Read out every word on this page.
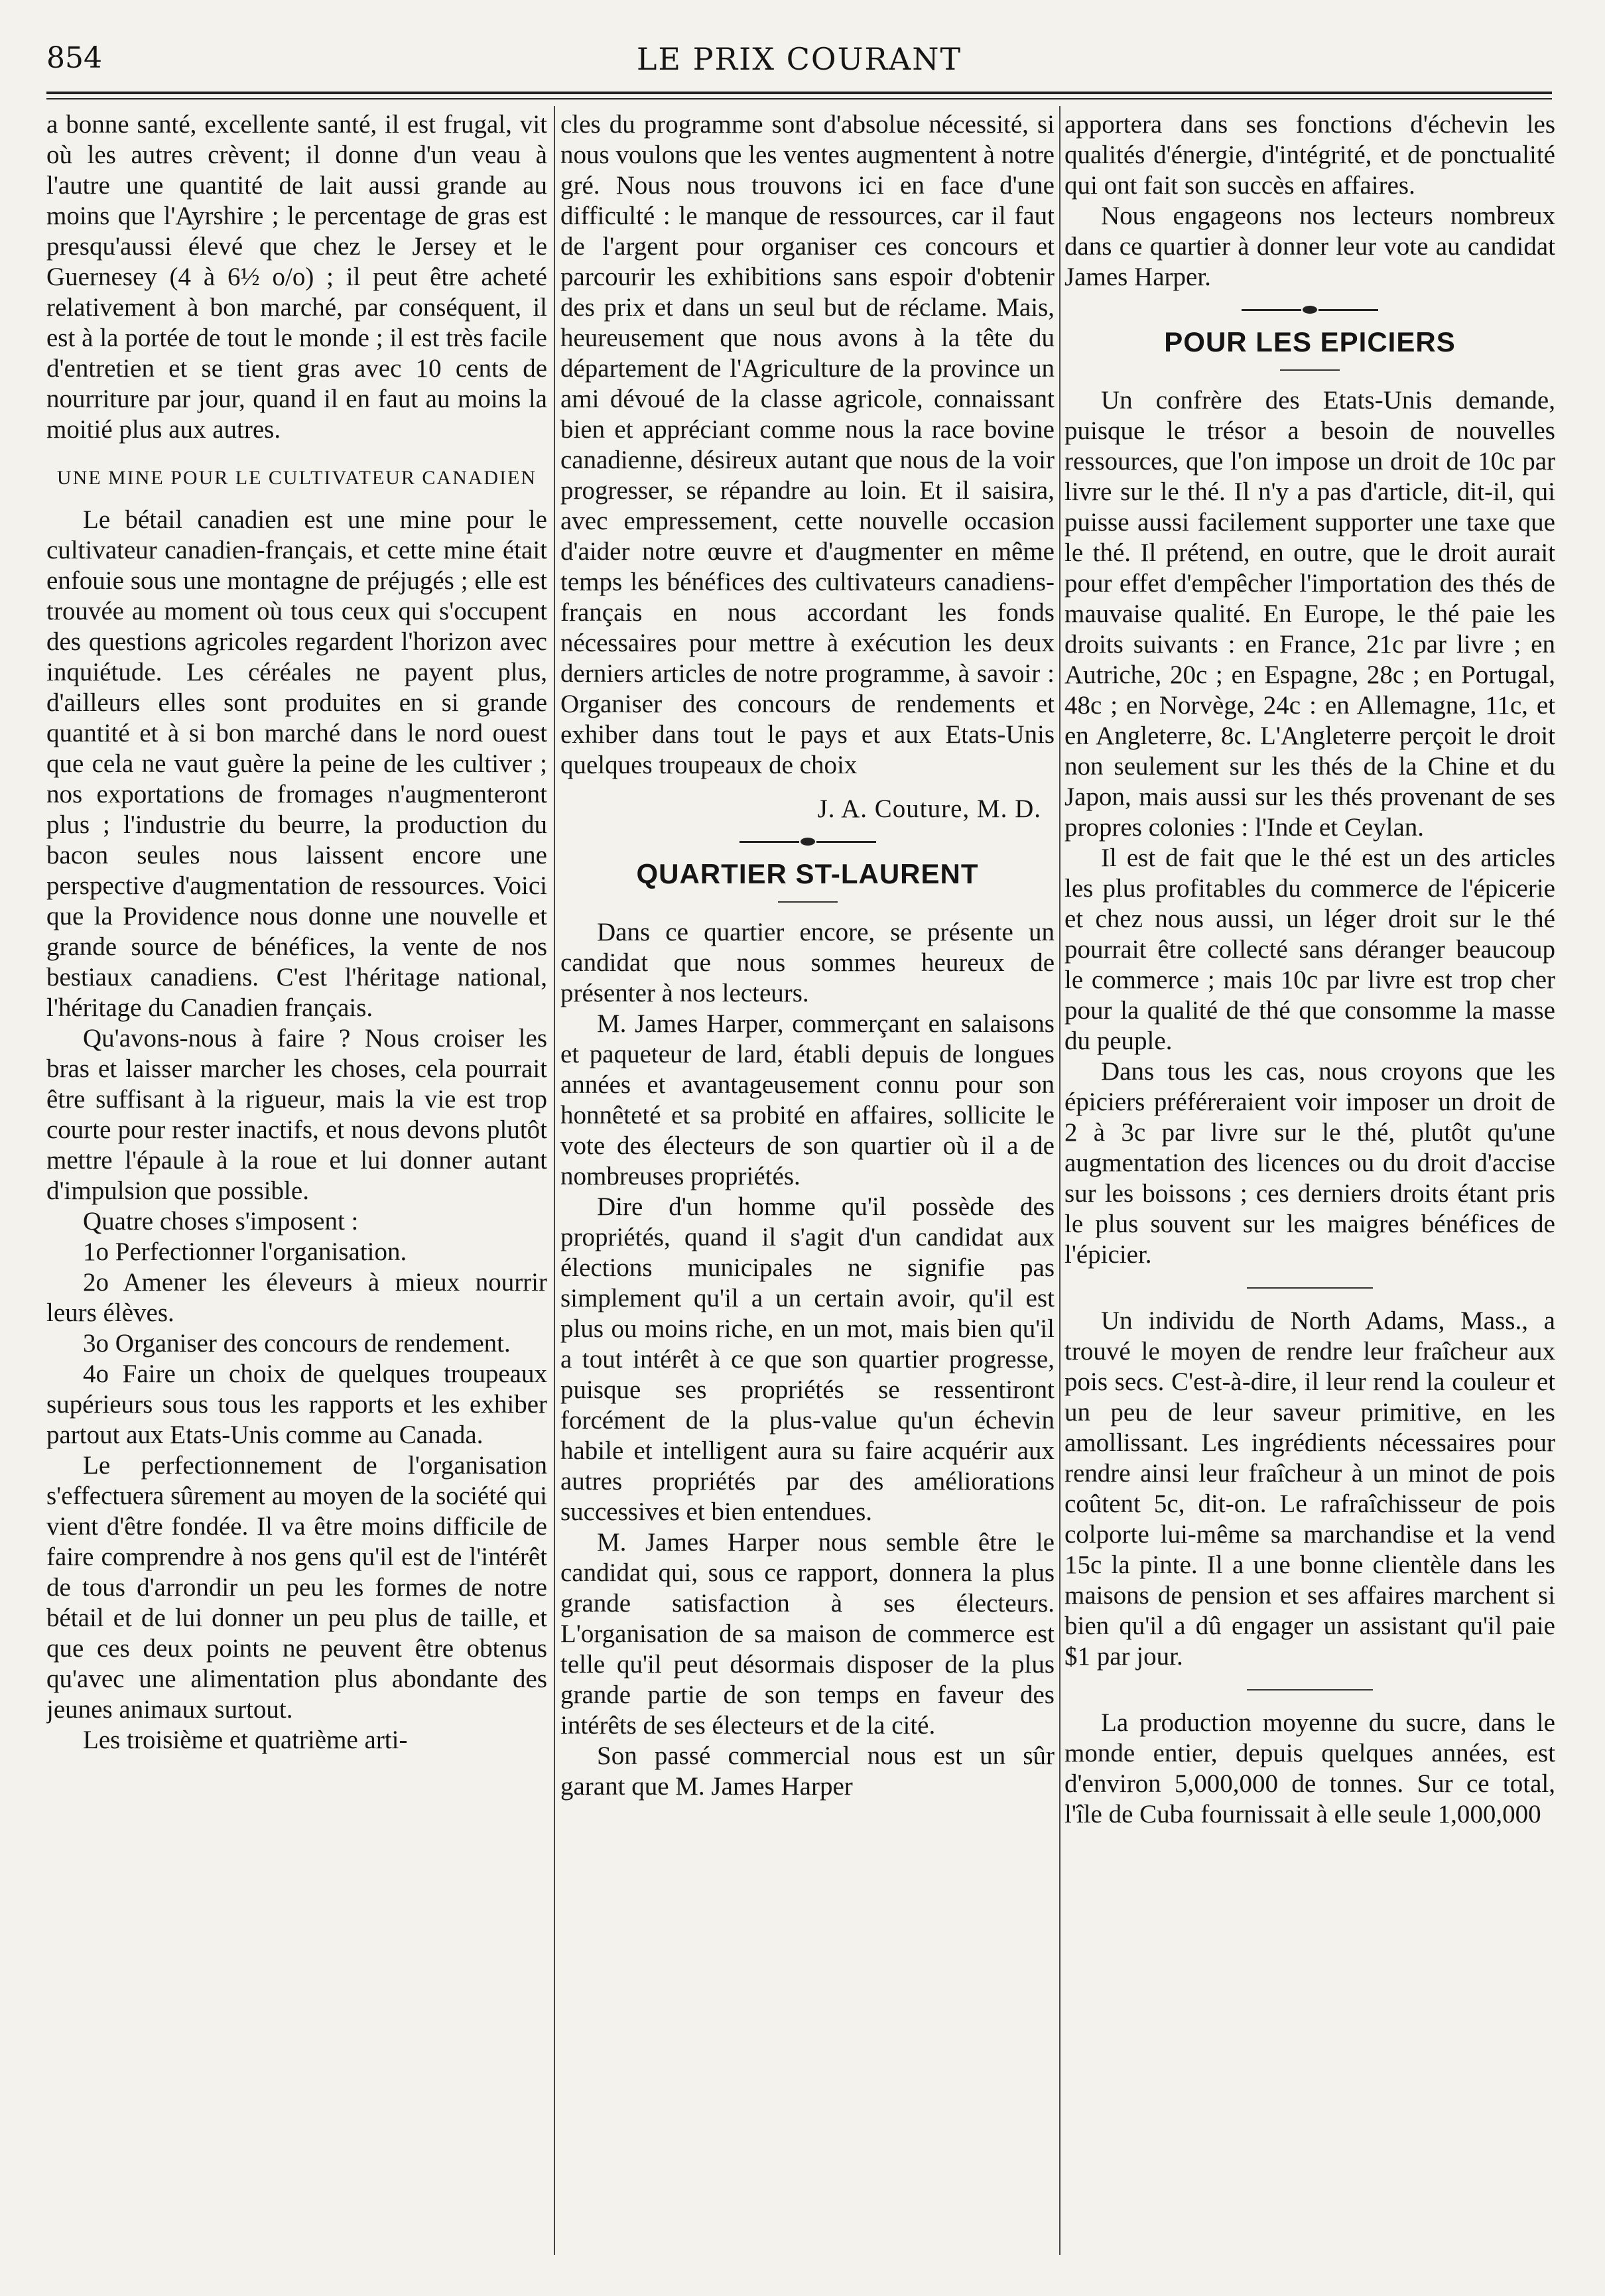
854	LE PRIX COURANT

a bonne santé, excellente santé, il est frugal, vit où les autres crèvent; il donne d'un veau à l'autre une quantité de lait aussi grande au moins que l'Ayrshire ; le percentage de gras est presqu'aussi élevé que chez le Jersey et le Guernesey (4 à 6½ o/o) ; il peut être acheté relativement à bon marché, par conséquent, il est à la portée de tout le monde ; il est très facile d'entretien et se tient gras avec 10 cents de nourriture par jour, quand il en faut au moins la moitié plus aux autres.

UNE MINE POUR LE CULTIVATEUR CANADIEN

Le bétail canadien est une mine pour le cultivateur canadien-français, et cette mine était enfouie sous une montagne de préjugés ; elle est trouvée au moment où tous ceux qui s'occupent des questions agricoles regardent l'horizon avec inquiétude. Les céréales ne payent plus, d'ailleurs elles sont produites en si grande quantité et à si bon marché dans le nord ouest que cela ne vaut guère la peine de les cultiver ; nos exportations de fromages n'augmenteront plus ; l'industrie du beurre, la production du bacon seules nous laissent encore une perspective d'augmentation de ressources. Voici que la Providence nous donne une nouvelle et grande source de bénéfices, la vente de nos bestiaux canadiens. C'est l'héritage national, l'héritage du Canadien français.

Qu'avons-nous à faire ? Nous croiser les bras et laisser marcher les choses, cela pourrait être suffisant à la rigueur, mais la vie est trop courte pour rester inactifs, et nous devons plutôt mettre l'épaule à la roue et lui donner autant d'impulsion que possible.

Quatre choses s'imposent :

1o Perfectionner l'organisation.

2o Amener les éleveurs à mieux nourrir leurs élèves.

3o Organiser des concours de rendement.

4o Faire un choix de quelques troupeaux supérieurs sous tous les rapports et les exhiber partout aux Etats-Unis comme au Canada.

Le perfectionnement de l'organisation s'effectuera sûrement au moyen de la société qui vient d'être fondée. Il va être moins difficile de faire comprendre à nos gens qu'il est de l'intérêt de tous d'arrondir un peu les formes de notre bétail et de lui donner un peu plus de taille, et que ces deux points ne peuvent être obtenus qu'avec une alimentation plus abondante des jeunes animaux surtout.

Les troisième et quatrième arti-

cles du programme sont d'absolue nécessité, si nous voulons que les ventes augmentent à notre gré. Nous nous trouvons ici en face d'une difficulté : le manque de ressources, car il faut de l'argent pour organiser ces concours et parcourir les exhibitions sans espoir d'obtenir des prix et dans un seul but de réclame. Mais, heureusement que nous avons à la tête du département de l'Agriculture de la province un ami dévoué de la classe agricole, connaissant bien et appréciant comme nous la race bovine canadienne, désireux autant que nous de la voir progresser, se répandre au loin. Et il saisira, avec empressement, cette nouvelle occasion d'aider notre œuvre et d'augmenter en même temps les bénéfices des cultivateurs canadiens-français en nous accordant les fonds nécessaires pour mettre à exécution les deux derniers articles de notre programme, à savoir : Organiser des concours de rendements et exhiber dans tout le pays et aux Etats-Unis quelques troupeaux de choix

J. A. Couture, M. D.
QUARTIER ST-LAURENT

Dans ce quartier encore, se présente un candidat que nous sommes heureux de présenter à nos lecteurs.

M. James Harper, commerçant en salaisons et paqueteur de lard, établi depuis de longues années et avantageusement connu pour son honnêteté et sa probité en affaires, sollicite le vote des électeurs de son quartier où il a de nombreuses propriétés.

Dire d'un homme qu'il possède des propriétés, quand il s'agit d'un candidat aux élections municipales ne signifie pas simplement qu'il a un certain avoir, qu'il est plus ou moins riche, en un mot, mais bien qu'il a tout intérêt à ce que son quartier progresse, puisque ses propriétés se ressentiront forcément de la plus-value qu'un échevin habile et intelligent aura su faire acquérir aux autres propriétés par des améliorations successives et bien entendues.

M. James Harper nous semble être le candidat qui, sous ce rapport, donnera la plus grande satisfaction à ses électeurs. L'organisation de sa maison de commerce est telle qu'il peut désormais disposer de la plus grande partie de son temps en faveur des intérêts de ses électeurs et de la cité.

Son passé commercial nous est un sûr garant que M. James Harper

apportera dans ses fonctions d'échevin les qualités d'énergie, d'intégrité, et de ponctualité qui ont fait son succès en affaires.

Nous engageons nos lecteurs nombreux dans ce quartier à donner leur vote au candidat James Harper.

POUR LES EPICIERS

Un confrère des Etats-Unis demande, puisque le trésor a besoin de nouvelles ressources, que l'on impose un droit de 10c par livre sur le thé. Il n'y a pas d'article, dit-il, qui puisse aussi facilement supporter une taxe que le thé. Il prétend, en outre, que le droit aurait pour effet d'empêcher l'importation des thés de mauvaise qualité. En Europe, le thé paie les droits suivants : en France, 21c par livre ; en Autriche, 20c ; en Espagne, 28c ; en Portugal, 48c ; en Norvège, 24c : en Allemagne, 11c, et en Angleterre, 8c. L'Angleterre perçoit le droit non seulement sur les thés de la Chine et du Japon, mais aussi sur les thés provenant de ses propres colonies : l'Inde et Ceylan.

Il est de fait que le thé est un des articles les plus profitables du commerce de l'épicerie et chez nous aussi, un léger droit sur le thé pourrait être collecté sans déranger beaucoup le commerce ; mais 10c par livre est trop cher pour la qualité de thé que consomme la masse du peuple.

Dans tous les cas, nous croyons que les épiciers préféreraient voir imposer un droit de 2 à 3c par livre sur le thé, plutôt qu'une augmentation des licences ou du droit d'accise sur les boissons ; ces derniers droits étant pris le plus souvent sur les maigres bénéfices de l'épicier.

Un individu de North Adams, Mass., a trouvé le moyen de rendre leur fraîcheur aux pois secs. C'est-à-dire, il leur rend la couleur et un peu de leur saveur primitive, en les amollissant. Les ingrédients nécessaires pour rendre ainsi leur fraîcheur à un minot de pois coûtent 5c, dit-on. Le rafraîchisseur de pois colporte lui-même sa marchandise et la vend 15c la pinte. Il a une bonne clientèle dans les maisons de pension et ses affaires marchent si bien qu'il a dû engager un assistant qu'il paie $1 par jour.

La production moyenne du sucre, dans le monde entier, depuis quelques années, est d'environ 5,000,000 de tonnes. Sur ce total, l'île de Cuba fournissait à elle seule 1,000,000
